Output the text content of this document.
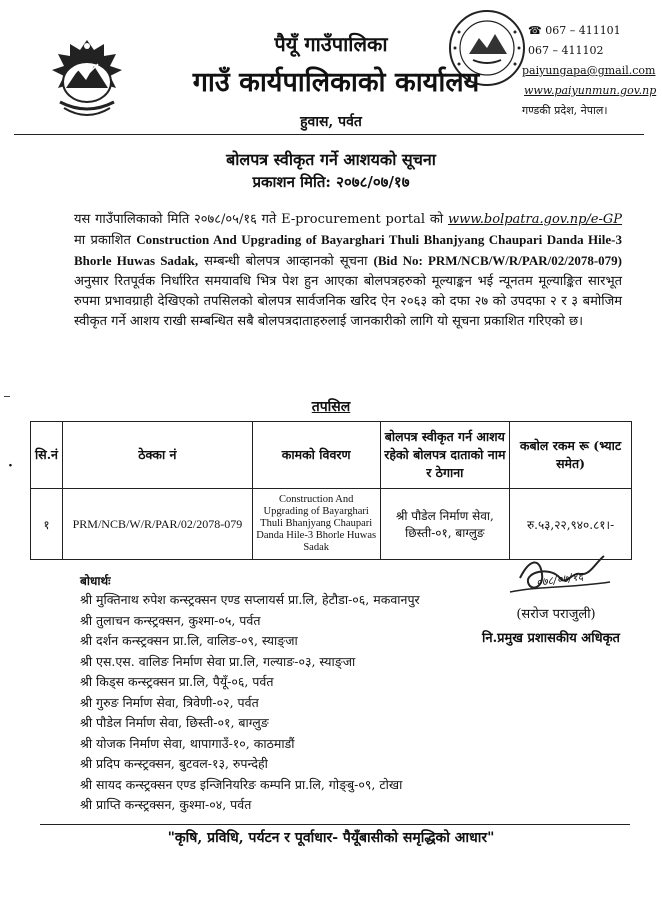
पैयूँ गाउँपालिका
गाउँ कार्यपालिकाको कार्यालय
हुवास, पर्वत
☎ 067 – 411101
067 – 411102
paiyungapa@gmail.com
www.paiyunmun.gov.np
गण्डकी प्रदेश, नेपाल।
बोलपत्र स्वीकृत गर्ने आशयको सूचना
प्रकाशन मिति: २०७८/०७/१७
यस गाउँपालिकाको मिति २०७८/०५/१६ गते E-procurement portal को www.bolpatra.gov.np/e-GP मा प्रकाशित Construction And Upgrading of Bayarghari Thuli Bhanjyang Chaupari Danda Hile-3 Bhorle Huwas Sadak, सम्बन्धी बोलपत्र आव्हानको सूचना (Bid No: PRM/NCB/W/R/PAR/02/2078-079) अनुसार रितपूर्वक निर्धारित समयावधि भित्र पेश हुन आएका बोलपत्रहरुको मूल्याङ्कन भई न्यूनतम मूल्याङ्कित सारभूत रुपमा प्रभावग्राही देखिएको तपसिलको बोलपत्र सार्वजनिक खरिद ऐन २०६३ को दफा २७ को उपदफा २ र ३ बमोजिम स्वीकृत गर्ने आशय राखी सम्बन्धित सबै बोलपत्रदाताहरुलाई जानकारीको लागि यो सूचना प्रकाशित गरिएको छ।
तपसिल
·
सि.नं	ठेक्का नं	कामको विवरण	बोलपत्र स्वीकृत गर्न आशय रहेको बोलपत्र दाताको नाम र ठेगाना	कबोल रकम रू (भ्याट समेत)
१	PRM/NCB/W/R/PAR/02/2078-079	Construction And Upgrading of Bayarghari Thuli Bhanjyang Chaupari Danda Hile-3 Bhorle Huwas Sadak	श्री पौडेल निर्माण सेवा,
छिस्ती-०१, बाग्लुङ	रु.५३,२२,९४०.८१।-
०७८/०७/१६
(सरोज पराजुली)
नि.प्रमुख प्रशासकीय अधिकृत
बोधार्थः
श्री मुक्तिनाथ रुपेश कन्स्ट्रक्सन एण्ड सप्लायर्स प्रा.लि, हेटौडा-०६, मकवानपुर
श्री तुलाचन कन्स्ट्रक्सन, कुश्मा-०५, पर्वत
श्री दर्शन कन्स्ट्रक्सन प्रा.लि, वालिङ-०९, स्याङ्जा
श्री एस.एस. वालिङ निर्माण सेवा प्रा.लि, गल्याङ-०३, स्याङ्जा
श्री किड्स कन्स्ट्रक्सन प्रा.लि, पैयूँ-०६, पर्वत
श्री गुरुङ निर्माण सेवा, त्रिवेणी-०२, पर्वत
श्री पौडेल निर्माण सेवा, छिस्ती-०१, बाग्लुङ
श्री योजक निर्माण सेवा, थापागाउँ-१०, काठमाडौं
श्री प्रदिप कन्स्ट्रक्सन, बुटवल-१३, रुपन्देही
श्री सायद कन्स्ट्रक्सन एण्ड इन्जिनियरिङ कम्पनि प्रा.लि, गोङ्बु-०९, टोखा
श्री प्राप्ति कन्स्ट्रक्सन, कुश्मा-०४, पर्वत
"कृषि, प्रविधि, पर्यटन र पूर्वाधार- पैयूँबासीको समृद्धिको आधार"
